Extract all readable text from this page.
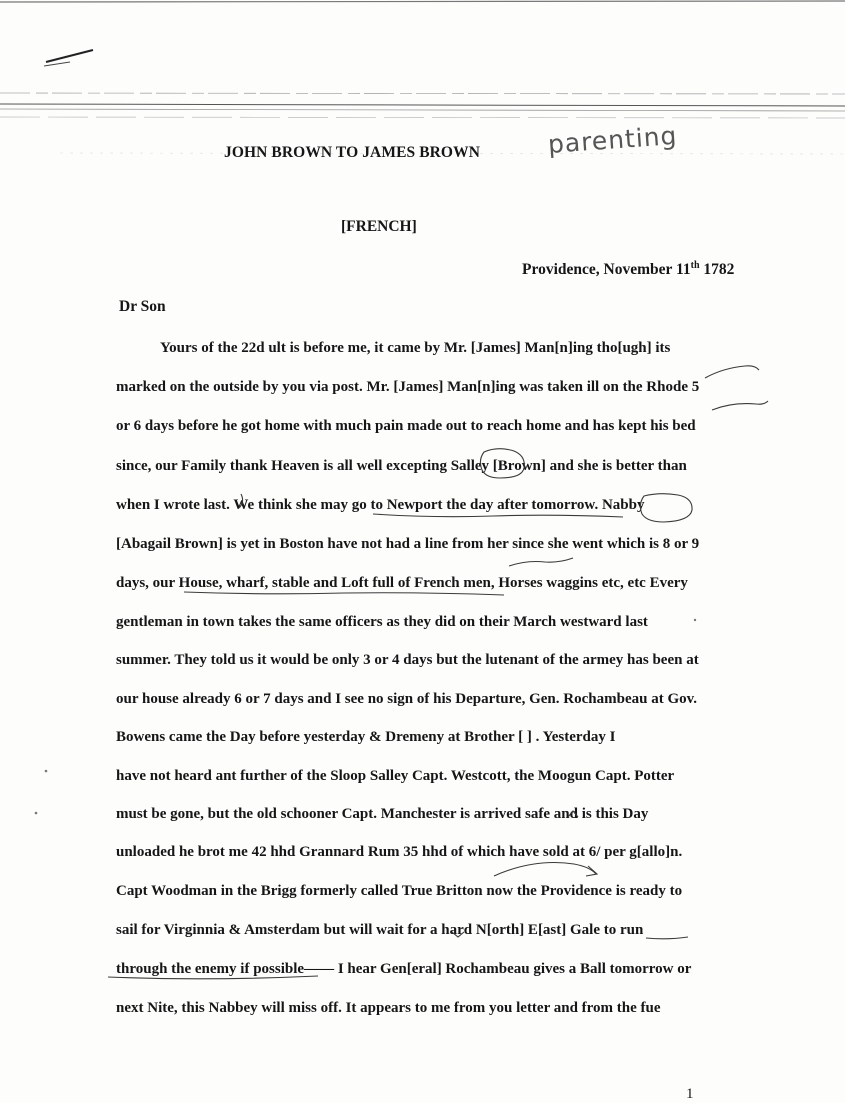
JOHN BROWN TO JAMES BROWN	parenting
[FRENCH]
Providence, November 11th 1782
Dr Son
Yours of the 22d ult is before me, it came by Mr. [James] Man[n]ing tho[ugh] its
marked on the outside by you via post. Mr. [James] Man[n]ing was taken ill on the Rhode 5
or 6 days before he got home with much pain made out to reach home and has kept his bed
since, our Family thank Heaven is all well excepting Salley [Brown] and she is better than
when I wrote last. We think she may go to Newport the day after tomorrow. Nabby
[Abagail Brown] is yet in Boston have not had a line from her since she went which is 8 or 9
days, our House, wharf, stable and Loft full of French men, Horses waggins etc, etc Every
gentleman in town takes the same officers as they did on their March westward last
summer. They told us it would be only 3 or 4 days but the lutenant of the armey has been at
our house already 6 or 7 days and I see no sign of his Departure, Gen. Rochambeau at Gov.
Bowens came the Day before yesterday & Dremeny at Brother [ ] . Yesterday I
have not heard ant further of the Sloop Salley Capt. Westcott, the Moogun Capt. Potter
must be gone, but the old schooner Capt. Manchester is arrived safe and is this Day
unloaded he brot me 42 hhd Grannard Rum 35 hhd of which have sold at 6/ per g[allo]n.
Capt Woodman in the Brigg formerly called True Britton now the Providence is ready to
sail for Virginnia & Amsterdam but will wait for a hard N[orth] E[ast] Gale to run
through the enemy if possible—— I hear Gen[eral] Rochambeau gives a Ball tomorrow or
next Nite, this Nabbey will miss off. It appears to me from you letter and from the fue
1
